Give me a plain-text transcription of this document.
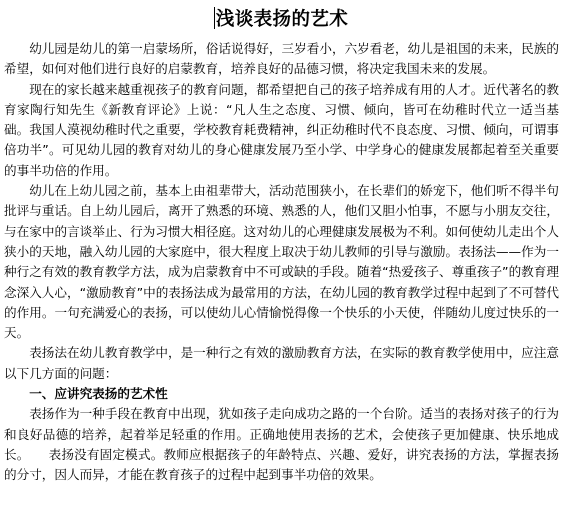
浅谈表扬的艺术

幼儿园是幼儿的第一启蒙场所，俗话说得好，三岁看小，六岁看老，幼儿是祖国的未来，民族的希望，如何对他们进行良好的启蒙教育，培养良好的品德习惯，将决定我国未来的发展。

现在的家长越来越重视孩子的教育问题，都希望把自己的孩子培养成有用的人才。近代著名的教育家陶行知先生《新教育评论》上说：“凡人生之态度、习惯、倾向，皆可在幼稚时代立一适当基础。我国人漠视幼稚时代之重要，学校教育耗费精神，纠正幼稚时代不良态度、习惯、倾向，可谓事倍功半”。可见幼儿园的教育对幼儿的身心健康发展乃至小学、中学身心的健康发展都起着至关重要的事半功倍的作用。

幼儿在上幼儿园之前，基本上由祖辈带大，活动范围狭小，在长辈们的娇宠下，他们听不得半句批评与重话。自上幼儿园后，离开了熟悉的环境、熟悉的人，他们又胆小怕事，不愿与小朋友交往，与在家中的言谈举止、行为习惯大相径庭。这对幼儿的心理健康发展极为不利。如何使幼儿走出个人狭小的天地，融入幼儿园的大家庭中，很大程度上取决于幼儿教师的引导与激励。表扬法——作为一种行之有效的教育教学方法，成为启蒙教育中不可或缺的手段。随着“热爱孩子、尊重孩子”的教育理念深入人心，“激励教育”中的表扬法成为最常用的方法，在幼儿园的教育教学过程中起到了不可替代的作用。一句充满爱心的表扬，可以使幼儿心情愉悦得像一个快乐的小天使，伴随幼儿度过快乐的一天。

表扬法在幼儿教育教学中，是一种行之有效的激励教育方法，在实际的教育教学使用中，应注意以下几方面的问题：

一、应讲究表扬的艺术性

表扬作为一种手段在教育中出现，犹如孩子走向成功之路的一个台阶。适当的表扬对孩子的行为和良好品德的培养，起着举足轻重的作用。正确地使用表扬的艺术，会使孩子更加健康、快乐地成长。 表扬没有固定模式。教师应根据孩子的年龄特点、兴趣、爱好，讲究表扬的方法，掌握表扬的分寸，因人而异，才能在教育孩子的过程中起到事半功倍的效果。
